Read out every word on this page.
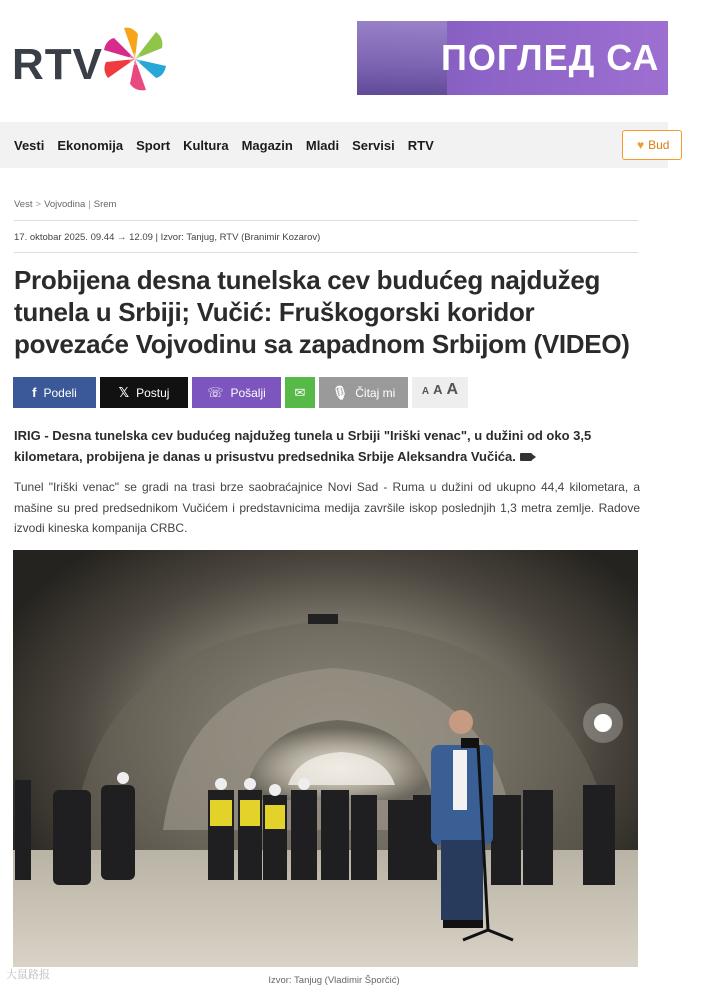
RTV	ПОГЛЕД СА М
Vesti Ekonomija Sport Kultura Magazin Mladi Servisi RTV	♥ Bud
Vest > Vojvodina | Srem
17. oktobar 2025. 09.44 → 12.09 | Izvor: Tanjug, RTV (Branimir Kozarov)
Probijena desna tunelska cev budućeg najdužeg tunela u Srbiji; Vučić: Fruškogorski koridor povezaće Vojvodinu sa zapadnom Srbijom (VIDEO)
f Podeli	𝕏 Postuj	☏ Pošalji ✉ 🎙 Čitaj mi	A A A

IRIG - Desna tunelska cev budućeg najdužeg tunela u Srbiji "Iriški venac", u dužini od oko 3,5 kilometara, probijena je danas u prisustvu predsednika Srbije Aleksandra Vučića.

Tunel "Iriški venac" se gradi na trasi brze saobraćajnice Novi Sad - Ruma u dužini od ukupno 44,4 kilometara, a mašine su pred predsednikom Vučićem i predstavnicima medija završile iskop poslednjih 1,3 metra zemlje. Radove izvodi kineska kompanija CRBC.

Izvor: Tanjug (Vladimir Šporčić)
大鼠路报
